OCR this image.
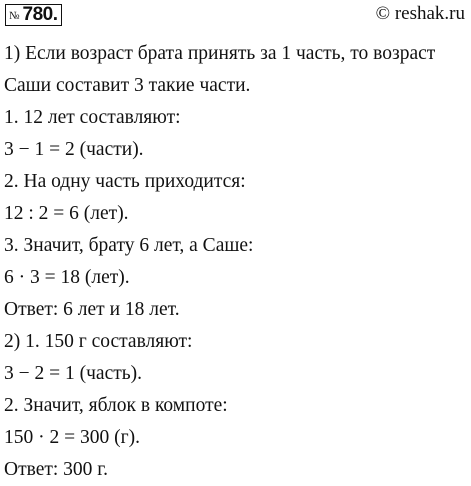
№ 780.	© reshak.ru
1) Если возраст брата принять за 1 часть, то возраст
Саши составит 3 такие части.
1. 12 лет составляют:
3 − 1 = 2 (части).
2. На одну часть приходится:
12 : 2 = 6 (лет).
3. Значит, брату 6 лет, а Саше:
6 · 3 = 18 (лет).
Ответ: 6 лет и 18 лет.
2) 1. 150 г составляют:
3 − 2 = 1 (часть).
2. Значит, яблок в компоте:
150 · 2 = 300 (г).
Ответ: 300 г.
